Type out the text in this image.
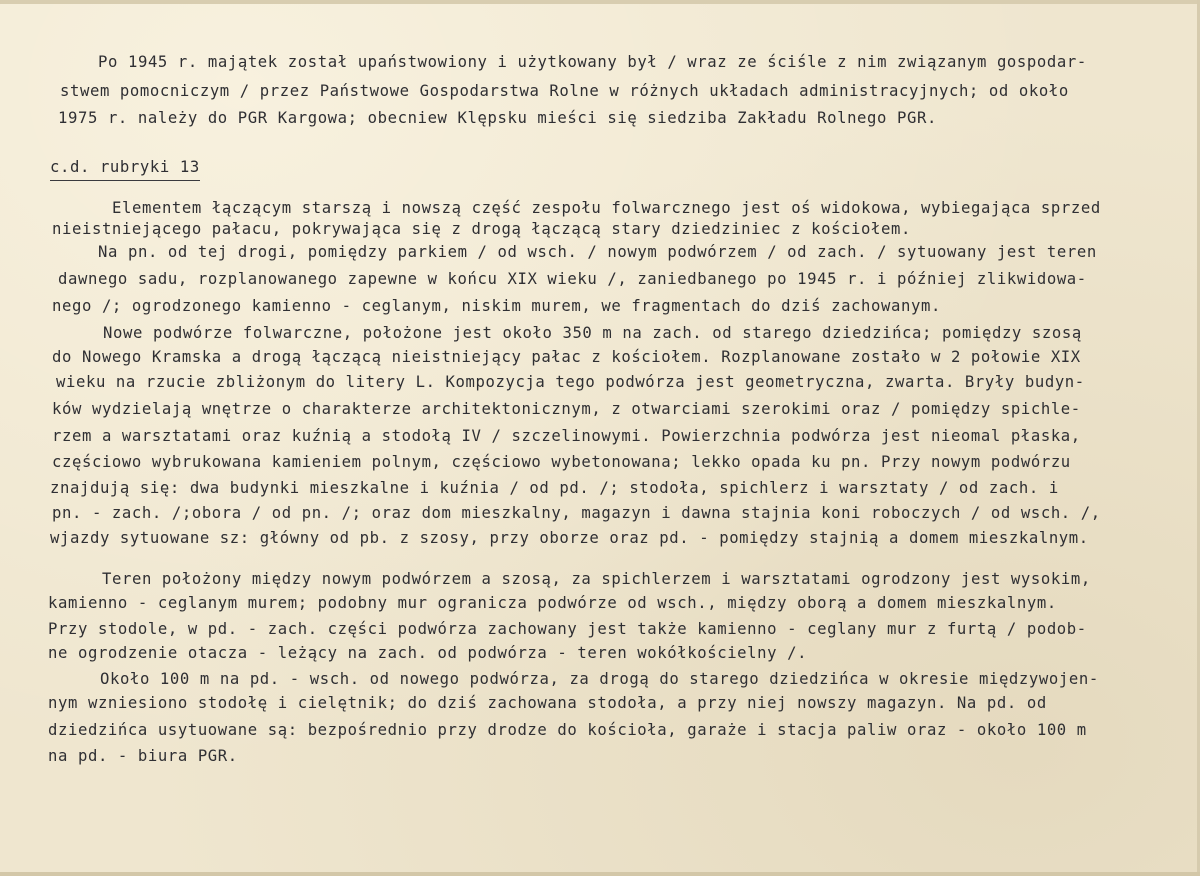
Po 1945 r. majątek został upaństwowiony i użytkowany był / wraz ze ściśle z nim związanym gospodar-
stwem pomocniczym / przez Państwowe Gospodarstwa Rolne w różnych układach administracyjnych; od około
1975 r. należy do PGR Kargowa; obecniew Klępsku mieści się siedziba Zakładu Rolnego PGR.
c.d. rubryki 13
Elementem łączącym starszą i nowszą część zespołu folwarcznego jest oś widokowa, wybiegająca sprzed
nieistniejącego pałacu, pokrywająca się z drogą łączącą stary dziedziniec z kościołem.
Na pn. od tej drogi, pomiędzy parkiem / od wsch. / nowym podwórzem / od zach. / sytuowany jest teren
dawnego sadu, rozplanowanego zapewne w końcu XIX wieku /, zaniedbanego po 1945 r. i później zlikwidowa-
nego /; ogrodzonego kamienno - ceglanym, niskim murem, we fragmentach do dziś zachowanym.
Nowe podwórze folwarczne, położone jest około 350 m na zach. od starego dziedzińca; pomiędzy szosą
do Nowego Kramska a drogą łączącą nieistniejący pałac z kościołem. Rozplanowane zostało w 2 połowie XIX
wieku na rzucie zbliżonym do litery L. Kompozycja tego podwórza jest geometryczna, zwarta. Bryły budyn-
ków wydzielają wnętrze o charakterze architektonicznym, z otwarciami szerokimi oraz / pomiędzy spichle-
rzem a warsztatami oraz kuźnią a stodołą IV / szczelinowymi. Powierzchnia podwórza jest nieomal płaska,
częściowo wybrukowana kamieniem polnym, częściowo wybetonowana; lekko opada ku pn. Przy nowym podwórzu
znajdują się: dwa budynki mieszkalne i kuźnia / od pd. /; stodoła, spichlerz i warsztaty / od zach. i
pn. - zach. /;obora / od pn. /; oraz dom mieszkalny, magazyn i dawna stajnia koni roboczych / od wsch. /,
wjazdy sytuowane sz: główny od pb. z szosy, przy oborze oraz pd. - pomiędzy stajnią a domem mieszkalnym.
Teren położony między nowym podwórzem a szosą, za spichlerzem i warsztatami ogrodzony jest wysokim,
kamienno - ceglanym murem; podobny mur ogranicza podwórze od wsch., między oborą a domem mieszkalnym.
Przy stodole, w pd. - zach. części podwórza zachowany jest także kamienno - ceglany mur z furtą / podob-
ne ogrodzenie otacza - leżący na zach. od podwórza - teren wokółkościelny /.
Około 100 m na pd. - wsch. od nowego podwórza, za drogą do starego dziedzińca w okresie międzywojen-
nym wzniesiono stodołę i cielętnik; do dziś zachowana stodoła, a przy niej nowszy magazyn. Na pd. od
dziedzińca usytuowane są: bezpośrednio przy drodze do kościoła, garaże i stacja paliw oraz - około 100 m
na pd. - biura PGR.
